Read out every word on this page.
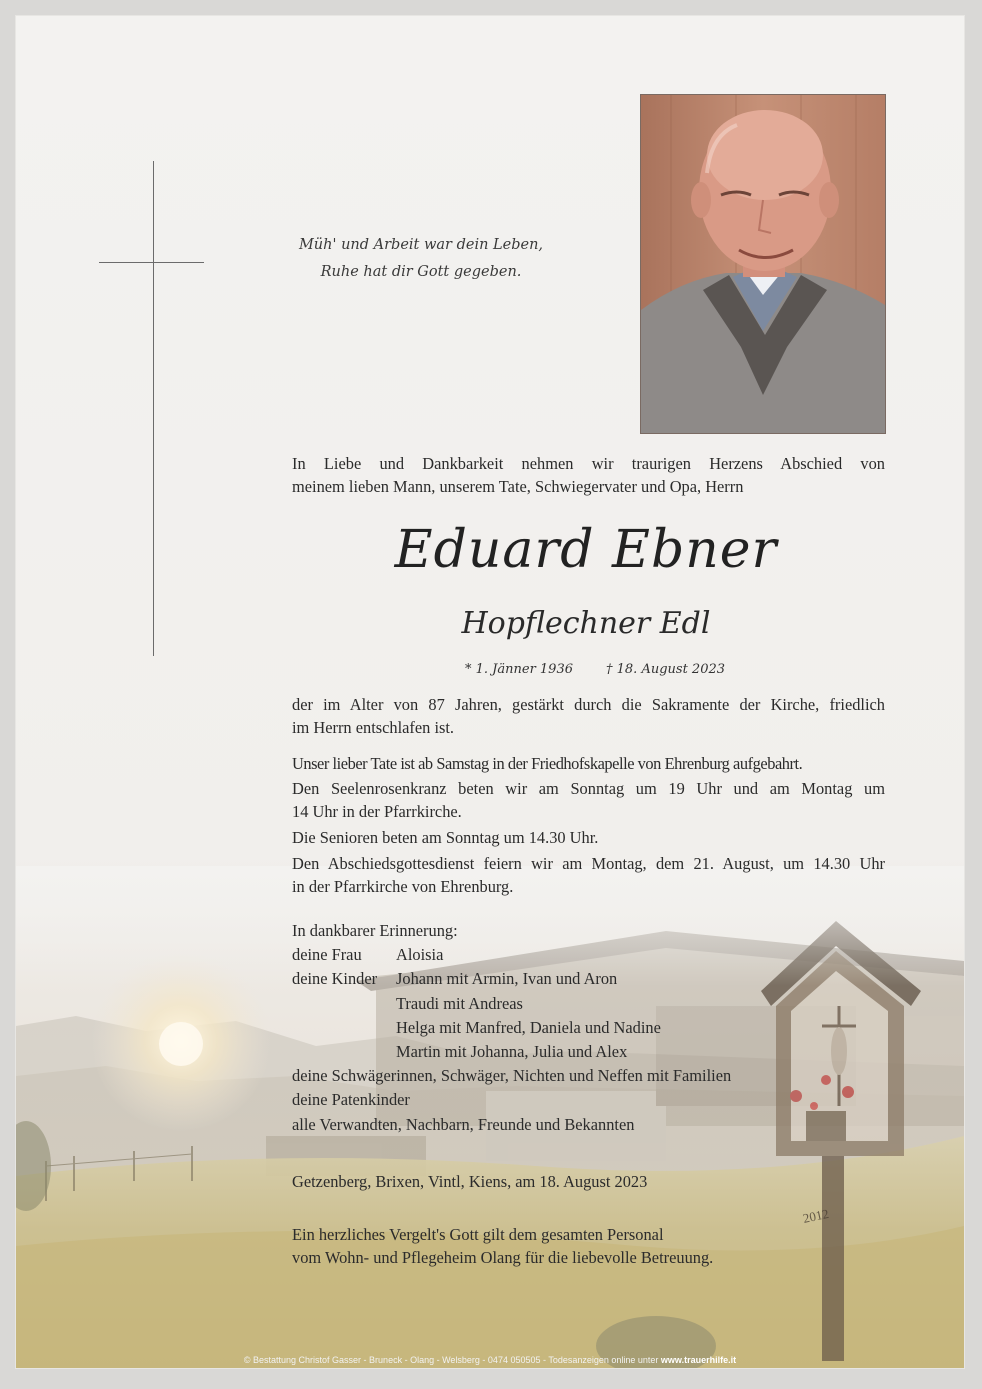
2012
Müh' und Arbeit war dein Leben,
Ruhe hat dir Gott gegeben.
In Liebe und Dankbarkeit nehmen wir traurigen Herzens Abschied von
meinem lieben Mann, unserem Tate, Schwiegervater und Opa, Herrn
Eduard Ebner
Hopflechner Edl
* 1. Jänner 1936	† 18. August 2023
der im Alter von 87 Jahren, gestärkt durch die Sakramente der Kirche, friedlich
im Herrn entschlafen ist.
Unser lieber Tate ist ab Samstag in der Friedhofskapelle von Ehrenburg aufgebahrt.
Den Seelenrosenkranz beten wir am Sonntag um 19 Uhr und am Montag um
14 Uhr in der Pfarrkirche.
Die Senioren beten am Sonntag um 14.30 Uhr.
Den Abschiedsgottesdienst feiern wir am Montag, dem 21. August, um 14.30 Uhr
in der Pfarrkirche von Ehrenburg.
In dankbarer Erinnerung:
deine Frau Aloisia
deine Kinder Johann mit Armin, Ivan und Aron
Traudi mit Andreas
Helga mit Manfred, Daniela und Nadine
Martin mit Johanna, Julia und Alex
deine Schwägerinnen, Schwäger, Nichten und Neffen mit Familien
deine Patenkinder
alle Verwandten, Nachbarn, Freunde und Bekannten
Getzenberg, Brixen, Vintl, Kiens, am 18. August 2023
Ein herzliches Vergelt's Gott gilt dem gesamten Personal
vom Wohn- und Pflegeheim Olang für die liebevolle Betreuung.
© Bestattung Christof Gasser - Bruneck - Olang - Welsberg - 0474 050505 - Todesanzeigen online unter www.trauerhilfe.it
